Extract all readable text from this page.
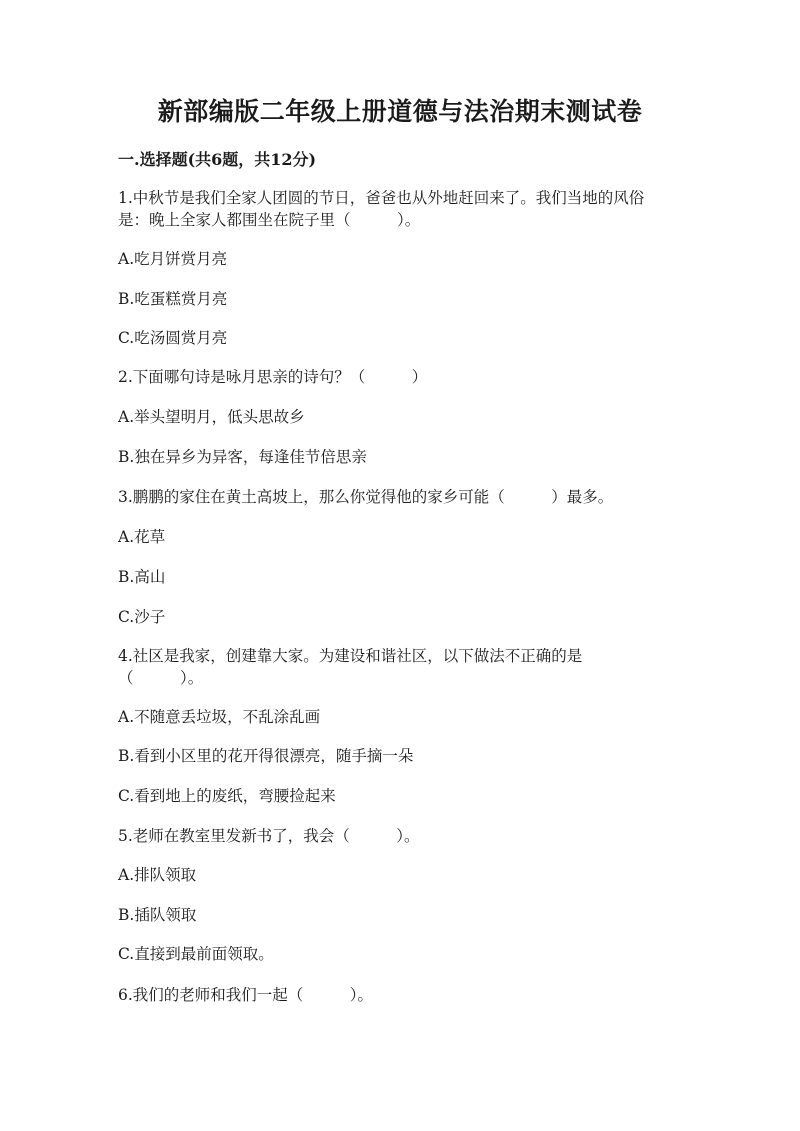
新部编版二年级上册道德与法治期末测试卷
一.选择题(共6题，共12分)
1.中秋节是我们全家人团圆的节日，爸爸也从外地赶回来了。我们当地的风俗
是：晚上全家人都围坐在院子里（　　　）。
A.吃月饼赏月亮
B.吃蛋糕赏月亮
C.吃汤圆赏月亮
2.下面哪句诗是咏月思亲的诗句？（　　　）
A.举头望明月，低头思故乡
B.独在异乡为异客，每逢佳节倍思亲
3.鹏鹏的家住在黄土高坡上，那么你觉得他的家乡可能（　　　）最多。
A.花草
B.高山
C.沙子
4.社区是我家，创建靠大家。为建设和谐社区，以下做法不正确的是
（　　　）。
A.不随意丢垃圾，不乱涂乱画
B.看到小区里的花开得很漂亮，随手摘一朵
C.看到地上的废纸，弯腰捡起来
5.老师在教室里发新书了，我会（　　　）。
A.排队领取
B.插队领取
C.直接到最前面领取。
6.我们的老师和我们一起（　　　）。
